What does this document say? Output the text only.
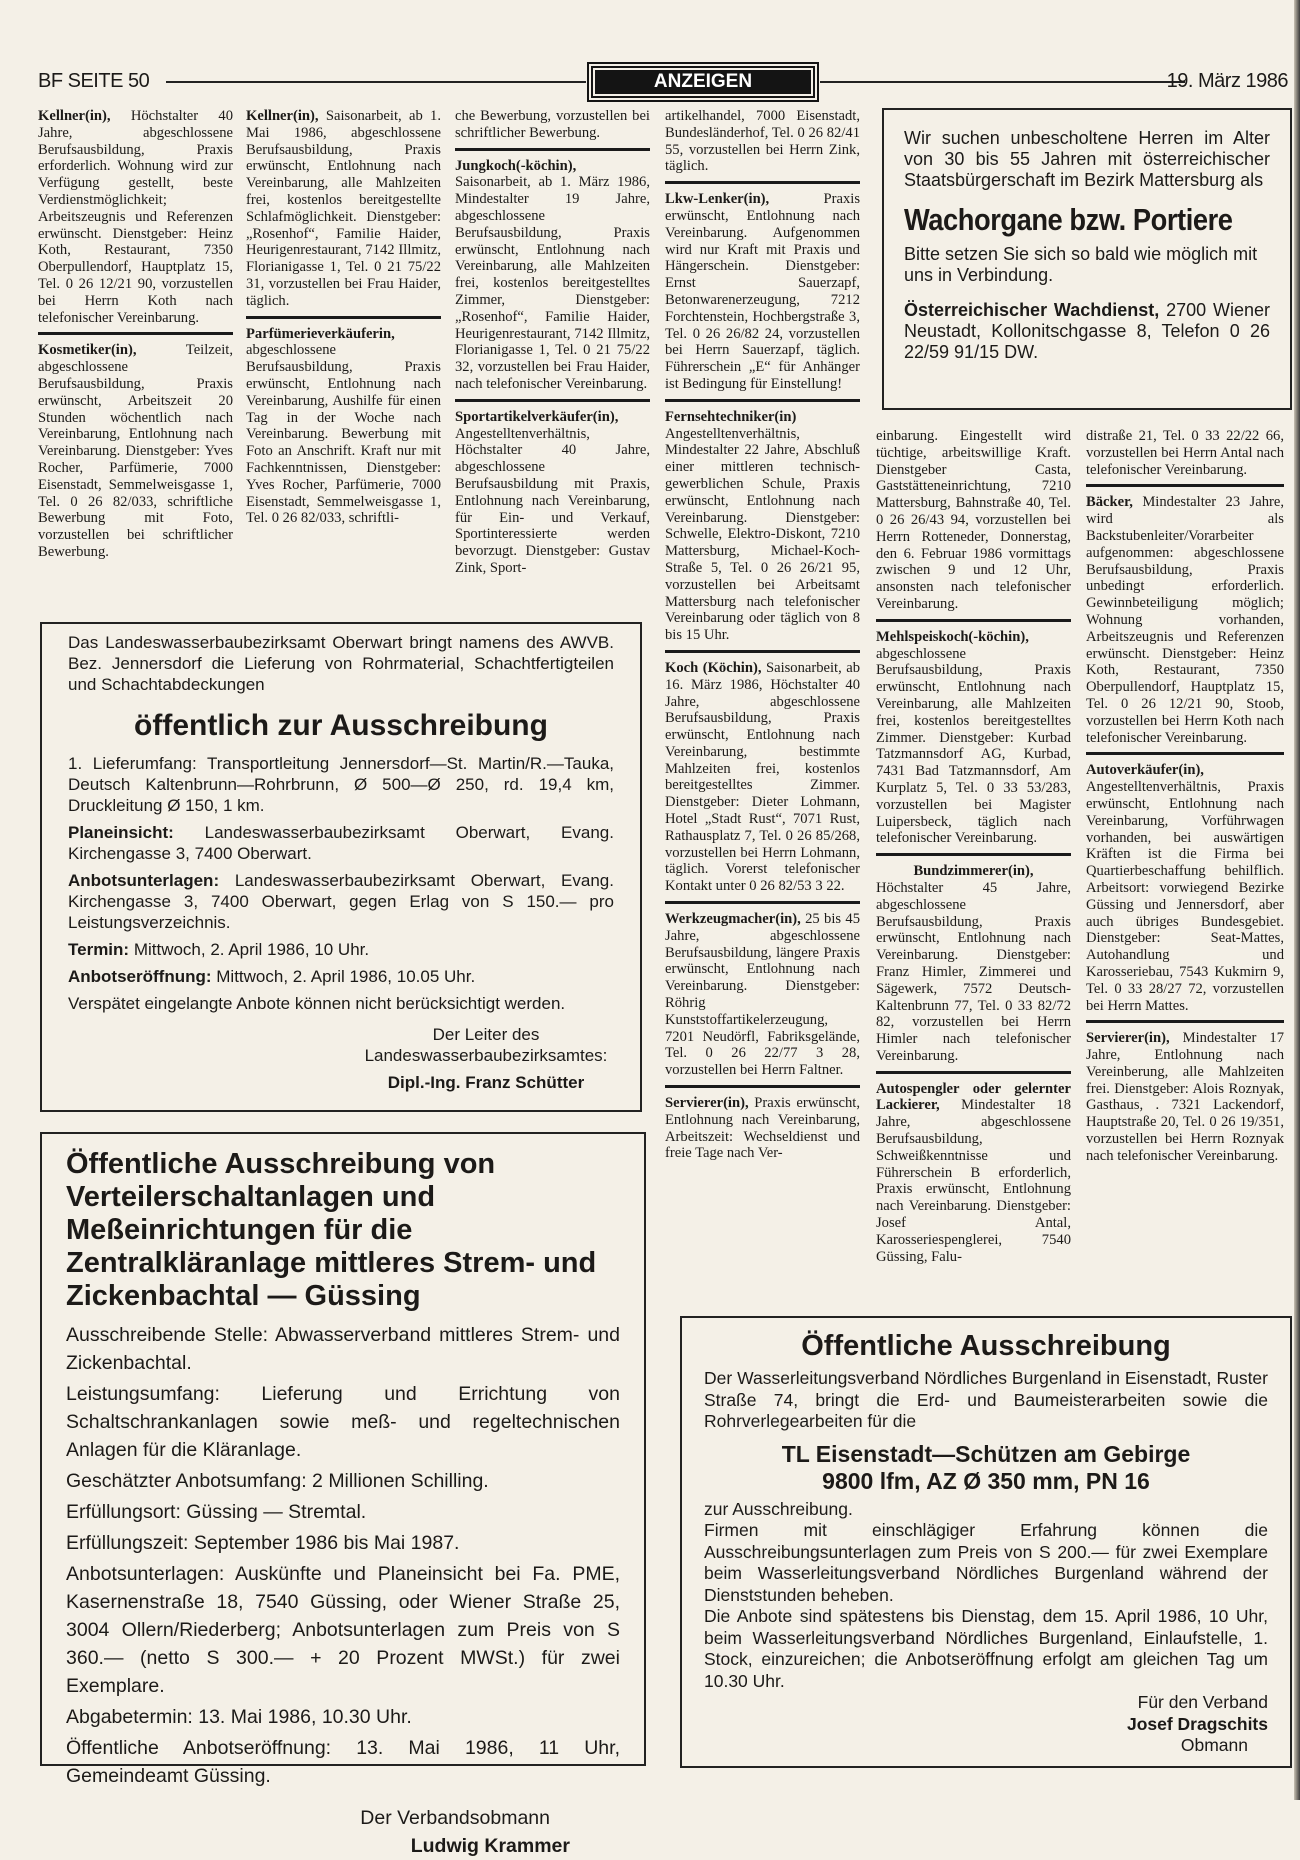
BF SEITE 50	ANZEIGEN	19. März 1986

Kellner(in), Höchstalter 40 Jahre, abgeschlossene Berufsausbildung, Praxis erforderlich. Wohnung wird zur Verfügung gestellt, beste Verdienstmöglichkeit; Arbeitszeugnis und Referenzen erwünscht. Dienstgeber: Heinz Koth, Restaurant, 7350 Oberpullendorf, Hauptplatz 15, Tel. 0 26 12/21 90, vorzustellen bei Herrn Koth nach telefonischer Vereinbarung.

Kosmetiker(in),	Teilzeit, abgeschlossene Berufsausbildung, Praxis erwünscht, Arbeitszeit 20 Stunden wöchentlich nach Vereinbarung, Entlohnung nach Vereinbarung. Dienstgeber: Yves Rocher, Parfümerie, 7000 Eisenstadt, Semmelweisgasse 1, Tel. 0 26 82/033, schriftliche Bewerbung mit Foto, vorzustellen bei schriftlicher Bewerbung.

Kellner(in), Saisonarbeit, ab 1. Mai 1986, abgeschlossene Berufsausbildung, Praxis erwünscht, Entlohnung nach Vereinbarung, alle Mahlzeiten frei, kostenlos bereitgestellte Schlafmöglichkeit. Dienstgeber: „Rosenhof“, Familie Haider, Heurigenrestaurant, 7142 Illmitz, Florianigasse 1, Tel. 0 21 75/22 31, vorzustellen bei Frau Haider, täglich.

Parfümerieverkäuferin, abgeschlossene Berufsausbildung, Praxis erwünscht, Entlohnung nach Vereinbarung, Aushilfe für einen Tag in der Woche nach Vereinbarung. Bewerbung mit Foto an Anschrift. Kraft nur mit Fachkenntnissen, Dienstgeber: Yves Rocher, Parfümerie, 7000 Eisenstadt, Semmelweisgasse 1, Tel. 0 26 82/033, schriftli-

che Bewerbung, vorzustellen bei schriftlicher Bewerbung.

Jungkoch(-köchin), Saisonarbeit, ab 1. März 1986, Mindestalter 19 Jahre, abgeschlossene Berufsausbildung, Praxis erwünscht, Entlohnung nach Vereinbarung, alle Mahlzeiten frei, kostenlos bereitgestelltes Zimmer, Dienstgeber: „Rosenhof“, Familie Haider, Heurigenrestaurant, 7142 Illmitz, Florianigasse 1, Tel. 0 21 75/22 32, vorzustellen bei Frau Haider, nach telefonischer Vereinbarung.

Sportartikelverkäufer(in), Angestelltenverhältnis, Höchstalter 40 Jahre, abgeschlossene Berufsausbildung mit Praxis, Entlohnung nach Vereinbarung, für Ein- und Verkauf, Sportinteressierte werden bevorzugt. Dienstgeber: Gustav Zink, Sport-

artikelhandel, 7000 Eisenstadt, Bundesländerhof, Tel. 0 26 82/41 55, vorzustellen bei Herrn Zink, täglich.

Lkw-Lenker(in),	Praxis erwünscht, Entlohnung nach Vereinbarung. Aufgenommen wird nur Kraft mit Praxis und Hängerschein. Dienstgeber: Ernst Sauerzapf, Betonwarenerzeugung, 7212 Forchtenstein, Hochbergstraße 3, Tel. 0 26 26/82 24, vorzustellen bei Herrn Sauerzapf, täglich. Führerschein „E“ für Anhänger ist Bedingung für Einstellung!

Fernsehtechniker(in) Angestelltenverhältnis, Mindestalter 22 Jahre, Abschluß einer mittleren technisch-gewerblichen Schule, Praxis erwünscht, Entlohnung nach Vereinbarung. Dienstgeber: Schwelle, Elektro-Diskont, 7210 Mattersburg, Michael-Koch-Straße 5, Tel. 0 26 26/21 95, vorzustellen bei Arbeitsamt Mattersburg nach telefonischer Vereinbarung oder täglich von 8 bis 15 Uhr.

Koch (Köchin), Saisonarbeit, ab 16. März 1986, Höchstalter 40 Jahre, abgeschlossene Berufsausbildung, Praxis erwünscht, Entlohnung nach Vereinbarung, bestimmte Mahlzeiten frei, kostenlos bereitgestelltes Zimmer. Dienstgeber: Dieter Lohmann, Hotel „Stadt Rust“, 7071 Rust, Rathausplatz 7, Tel. 0 26 85/268, vorzustellen bei Herrn Lohmann, täglich. Vorerst telefonischer Kontakt unter 0 26 82/53 3 22.

Werkzeugmacher(in), 25 bis 45 Jahre, abgeschlossene Berufsausbildung, längere Praxis erwünscht, Entlohnung nach Vereinbarung. Dienstgeber: Röhrig Kunststoffartikelerzeugung, 7201 Neudörfl, Fabriksgelände, Tel. 0 26 22/77 3 28, vorzustellen bei Herrn Faltner.

Servierer(in), Praxis erwünscht, Entlohnung nach Vereinbarung, Arbeitszeit: Wechseldienst und freie Tage nach Ver-

einbarung. Eingestellt wird tüchtige, arbeitswillige Kraft. Dienstgeber Casta, Gaststätteneinrichtung, 7210 Mattersburg, Bahnstraße 40, Tel. 0 26 26/43 94, vorzustellen bei Herrn Rotteneder, Donnerstag, den 6. Februar 1986 vormittags zwischen 9 und 12 Uhr, ansonsten nach telefonischer Vereinbarung.

Mehlspeiskoch(-köchin), abgeschlossene Berufsausbildung, Praxis erwünscht, Entlohnung nach Vereinbarung, alle Mahlzeiten frei, kostenlos bereitgestelltes Zimmer. Dienstgeber: Kurbad Tatzmannsdorf AG, Kurbad, 7431 Bad Tatzmannsdorf, Am Kurplatz 5, Tel. 0 33 53/283, vorzustellen bei Magister Luipersbeck, täglich nach telefonischer Vereinbarung.

Bundzimmerer(in),
Höchstalter 45 Jahre, abgeschlossene Berufsausbildung, Praxis erwünscht, Entlohnung nach Vereinbarung. Dienstgeber: Franz Himler, Zimmerei und Sägewerk, 7572 Deutsch-Kaltenbrunn 77, Tel. 0 33 82/72 82, vorzustellen bei Herrn Himler nach telefonischer Vereinbarung.

Autospengler oder gelernter Lackierer, Mindestalter 18 Jahre, abgeschlossene Berufsausbildung, Schweißkenntnisse und Führerschein B erforderlich, Praxis erwünscht, Entlohnung nach Vereinbarung. Dienstgeber: Josef Antal, Karosseriespenglerei, 7540 Güssing, Falu-

distraße 21, Tel. 0 33 22/22 66, vorzustellen bei Herrn Antal nach telefonischer Vereinbarung.

Bäcker, Mindestalter 23 Jahre, wird als Backstubenleiter/Vorarbeiter aufgenommen: abgeschlossene Berufsausbildung, Praxis unbedingt erforderlich. Gewinnbeteiligung möglich; Wohnung vorhanden, Arbeitszeugnis und Referenzen erwünscht. Dienstgeber: Heinz Koth, Restaurant, 7350 Oberpullendorf, Hauptplatz 15, Tel. 0 26 12/21 90, Stoob, vorzustellen bei Herrn Koth nach telefonischer Vereinbarung.

Autoverkäufer(in), Angestelltenverhältnis, Praxis erwünscht, Entlohnung nach Vereinbarung, Vorführwagen vorhanden, bei auswärtigen Kräften ist die Firma bei Quartierbeschaffung behilflich. Arbeitsort: vorwiegend Bezirke Güssing und Jennersdorf, aber auch übriges Bundesgebiet. Dienstgeber: Seat-Mattes, Autohandlung und Karosseriebau, 7543 Kukmirn 9, Tel. 0 33 28/27 72, vorzustellen bei Herrn Mattes.

Servierer(in), Mindestalter 17 Jahre, Entlohnung nach Vereinberung, alle Mahlzeiten frei. Dienstgeber: Alois Roznyak, Gasthaus, . 7321 Lackendorf, Hauptstraße 20, Tel. 0 26 19/351, vorzustellen bei Herrn Roznyak nach telefonischer Vereinbarung.

Wir suchen unbescholtene Herren im Alter von 30 bis 55 Jahren mit österreichischer Staatsbürgerschaft im Bezirk Mattersburg als

Wachorgane bzw. Portiere

Bitte setzen Sie sich so bald wie möglich mit uns in Verbindung.

Österreichischer Wachdienst, 2700 Wiener Neustadt, Kollonitschgasse 8, Telefon 0 26 22/59 91/15 DW.

Das Landeswasserbaubezirksamt Oberwart bringt namens des AWVB. Bez. Jennersdorf die Lieferung von Rohrmaterial, Schachtfertigteilen und Schachtabdeckungen

öffentlich zur Ausschreibung

1. Lieferumfang: Transportleitung Jennersdorf—St. Martin/R.—Tauka, Deutsch Kaltenbrunn—Rohrbrunn, Ø 500—Ø 250, rd. 19,4 km, Druckleitung Ø 150, 1 km.

Planeinsicht: Landeswasserbaubezirksamt Oberwart, Evang. Kirchengasse 3, 7400 Oberwart.

Anbotsunterlagen: Landeswasserbaubezirksamt Oberwart, Evang. Kirchengasse 3, 7400 Oberwart, gegen Erlag von S 150.— pro Leistungsverzeichnis.

Termin: Mittwoch, 2. April 1986, 10 Uhr.

Anbotseröffnung: Mittwoch, 2. April 1986, 10.05 Uhr.

Verspätet eingelangte Anbote können nicht berücksichtigt werden.

Der Leiter des
Landeswasserbaubezirksamtes:
Dipl.-Ing. Franz Schütter
Öffentliche Ausschreibung von Verteilerschaltanlagen und Meßeinrichtungen für die Zentralkläranlage mittleres Strem- und Zickenbachtal — Güssing

Ausschreibende Stelle: Abwasserverband mittleres Strem- und Zickenbachtal.

Leistungsumfang: Lieferung und Errichtung von Schaltschrankanlagen sowie meß- und regeltechnischen Anlagen für die Kläranlage.

Geschätzter Anbotsumfang: 2 Millionen Schilling.

Erfüllungsort: Güssing — Stremtal.

Erfüllungszeit: September 1986 bis Mai 1987.

Anbotsunterlagen: Auskünfte und Planeinsicht bei Fa. PME, Kasernenstraße 18, 7540 Güssing, oder Wiener Straße 25, 3004 Ollern/Riederberg; Anbotsunterlagen zum Preis von S 360.— (netto S 300.— + 20 Prozent MWSt.) für zwei Exemplare.

Abgabetermin: 13. Mai 1986, 10.30 Uhr.

Öffentliche Anbotseröffnung: 13. Mai 1986, 11 Uhr, Gemeindeamt Güssing.

Der Verbandsobmann
Ludwig Krammer
Öffentliche Ausschreibung

Der Wasserleitungsverband Nördliches Burgenland in Eisenstadt, Ruster Straße 74, bringt die Erd- und Baumeisterarbeiten sowie die Rohrverlegearbeiten für die

TL Eisenstadt—Schützen am Gebirge
9800 lfm, AZ Ø 350 mm, PN 16

zur Ausschreibung.

Firmen mit einschlägiger Erfahrung können die Ausschreibungsunterlagen zum Preis von S 200.— für zwei Exemplare beim Wasserleitungsverband Nördliches Burgenland während der Dienststunden beheben.

Die Anbote sind spätestens bis Dienstag, dem 15. April 1986, 10 Uhr, beim Wasserleitungsverband Nördliches Burgenland, Einlaufstelle, 1. Stock, einzureichen; die Anbotseröffnung erfolgt am gleichen Tag um 10.30 Uhr.

Für den Verband
Josef Dragschits
Obmann
